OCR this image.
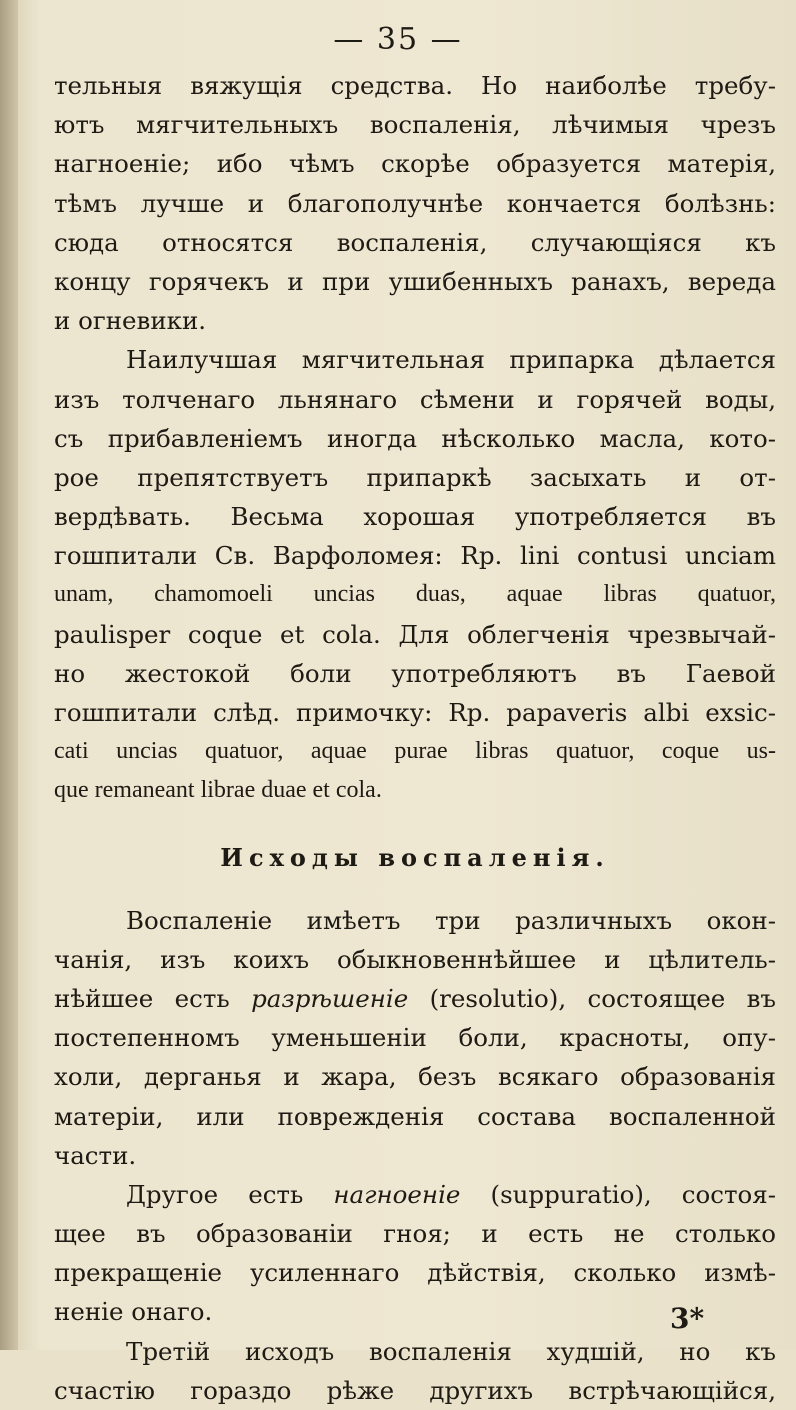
— 35 —
тельныя вяжущія средства. Но наиболѣе требу-
ютъ мягчительныхъ воспаленія, лѣчимыя чрезъ
нагноеніе; ибо чѣмъ скорѣе образуется матерія,
тѣмъ лучше и благополучнѣе кончается болѣзнь:
сюда относятся воспаленія, случающіяся къ
концу горячекъ и при ушибенныхъ ранахъ, вереда
и огневики.
Наилучшая мягчительная припарка дѣлается
изъ толченаго льнянаго сѣмени и горячей воды,
съ прибавленіемъ иногда нѣсколько масла, кото-
рое препятствуетъ припаркѣ засыхать и от-
вердѣвать. Весьма хорошая употребляется въ
гошпитали Св. Варфоломея: Rp. lini contusi unciam
unam, chamomoeli uncias duas, aquae libras quatuor,
paulisper coque et cola. Для облегченія чрезвычай-
но жестокой боли употребляютъ въ Гаевой
гошпитали слѣд. примочку: Rp. papaveris albi exsic-
cati uncias quatuor, aquae purae libras quatuor, coque us-
que remaneant librae duae et cola.
Исходы воспаленія.
Воспаленіе имѣетъ три различныхъ окон-
чанія, изъ коихъ обыкновеннѣйшее и цѣлитель-
нѣйшее есть разрѣшеніе (resolutio), состоящее въ
постепенномъ уменьшеніи боли, красноты, опу-
холи, дерганья и жара, безъ всякаго образованія
матеріи, или поврежденія состава воспаленной
части.
Другое есть нагноеніе (suppuratio), состоя-
щее въ образованіи гноя; и есть не столько
прекращеніе усиленнаго дѣйствія, сколько измѣ-
неніе онаго.
Третій исходъ воспаленія худшій, но къ
счастію гораздо рѣже другихъ встрѣчающійся,
3*
